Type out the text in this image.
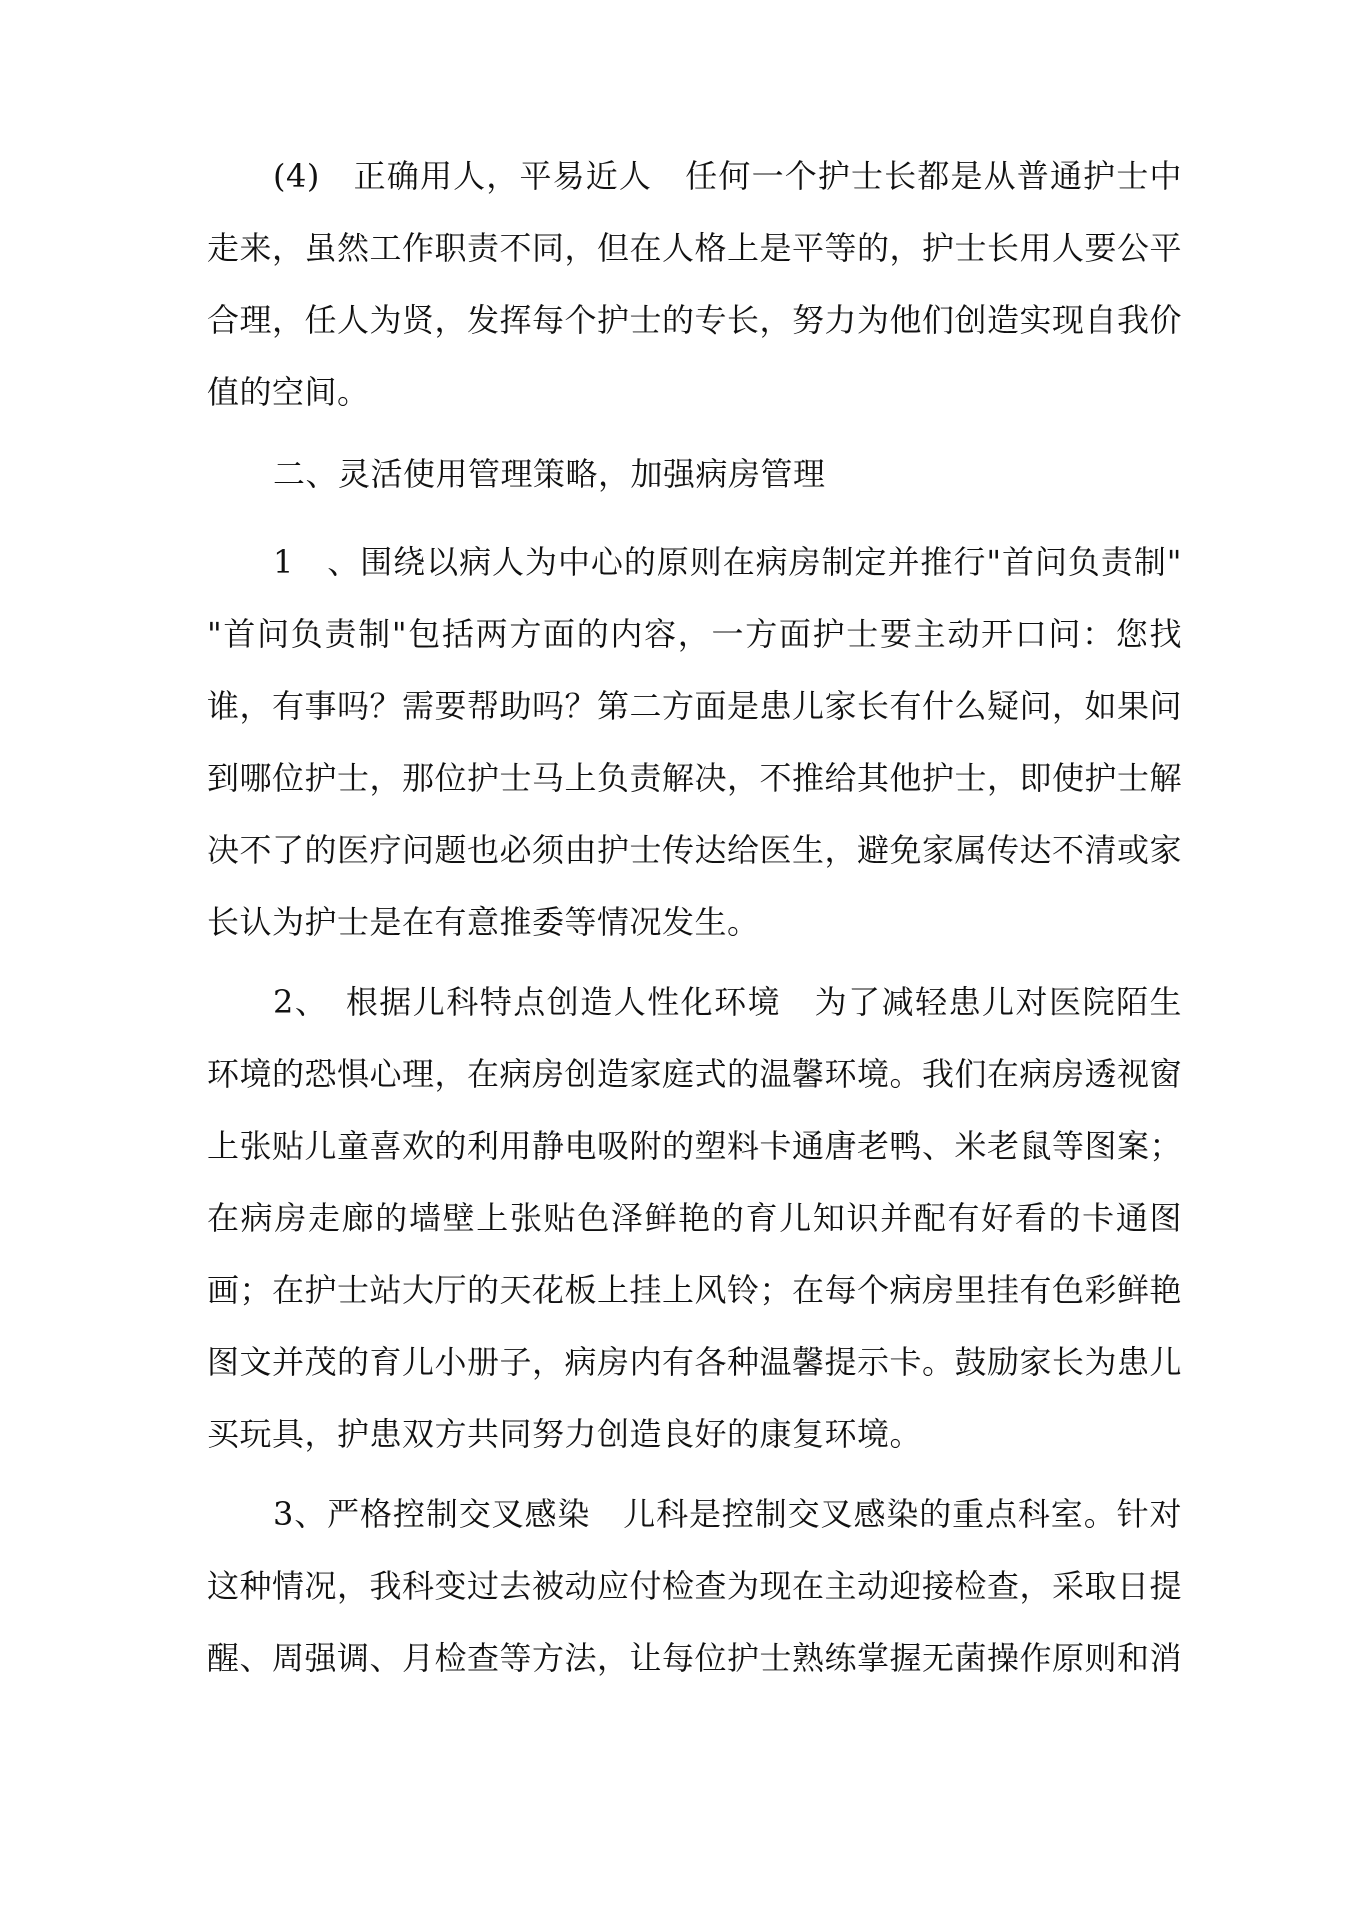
(4)　正确用人，平易近人　任何一个护士长都是从普通护士中走来，虽然工作职责不同，但在人格上是平等的，护士长用人要公平合理，任人为贤，发挥每个护士的专长，努力为他们创造实现自我价值的空间。

二、灵活使用管理策略，加强病房管理

1　、围绕以病人为中心的原则在病房制定并推行"首问负责制" "首问负责制"包括两方面的内容，一方面护士要主动开口问：您找谁，有事吗？需要帮助吗？第二方面是患儿家长有什么疑问，如果问到哪位护士，那位护士马上负责解决，不推给其他护士，即使护士解决不了的医疗问题也必须由护士传达给医生，避免家属传达不清或家长认为护士是在有意推委等情况发生。

2、　根据儿科特点创造人性化环境　为了减轻患儿对医院陌生环境的恐惧心理，在病房创造家庭式的温馨环境。我们在病房透视窗上张贴儿童喜欢的利用静电吸附的塑料卡通唐老鸭、米老鼠等图案；在病房走廊的墙壁上张贴色泽鲜艳的育儿知识并配有好看的卡通图画；在护士站大厅的天花板上挂上风铃；在每个病房里挂有色彩鲜艳图文并茂的育儿小册子，病房内有各种温馨提示卡。鼓励家长为患儿买玩具，护患双方共同努力创造良好的康复环境。

3、严格控制交叉感染　儿科是控制交叉感染的重点科室。针对这种情况，我科变过去被动应付检查为现在主动迎接检查，采取日提醒、周强调、月检查等方法，让每位护士熟练掌握无菌操作原则和消
